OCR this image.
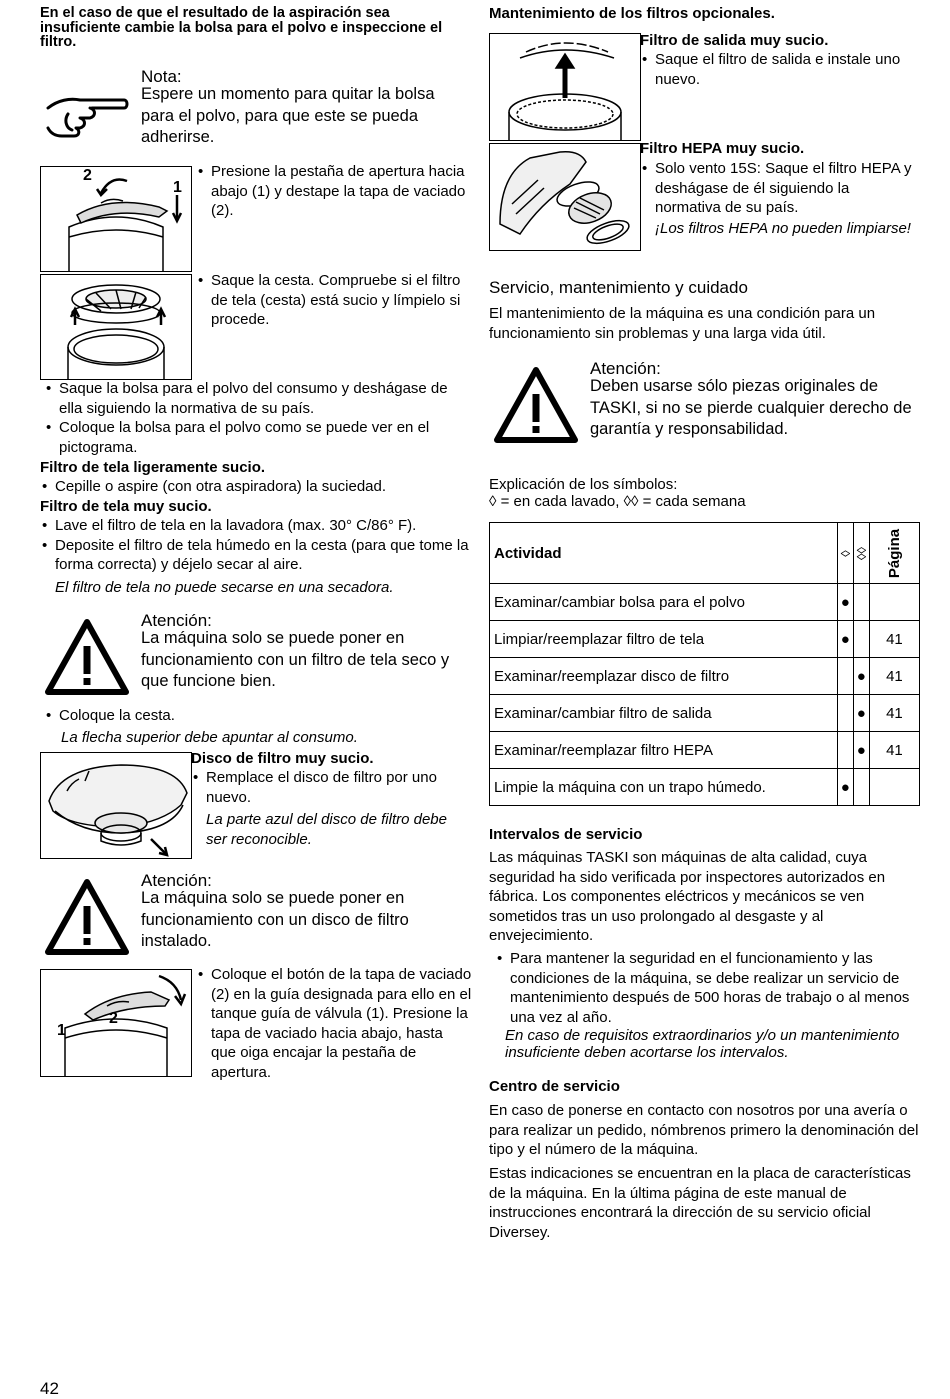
En el caso de que el resultado de la aspiración sea insuficiente cambie la bolsa para el polvo e inspeccione el filtro.
Nota:
Espere un momento para quitar la bolsa para el polvo, para que este se pueda adherirse.
2
1
• Presione la pestaña de apertura hacia abajo (1) y destape la tapa de vaciado (2).
• Saque la cesta. Compruebe si el filtro de tela (cesta) está sucio y límpielo si procede.
• Saque la bolsa para el polvo del consumo y deshágase de ella siguiendo la normativa de su país.
• Coloque la bolsa para el polvo como se puede ver en el pictograma.
Filtro de tela ligeramente sucio.
• Cepille o aspire (con otra aspiradora) la suciedad.
Filtro de tela muy sucio.
• Lave el filtro de tela en la lavadora (max. 30° C/86° F).
• Deposite el filtro de tela húmedo en la cesta (para que tome la forma correcta) y déjelo secar al aire.
El filtro de tela no puede secarse en una secadora.
Atención:
La máquina solo se puede poner en funcionamiento con un filtro de tela seco y que funcione bien.
• Coloque la cesta.
La flecha superior debe apuntar al consumo.
Disco de filtro muy sucio.
• Remplace el disco de filtro por uno nuevo.
La parte azul del disco de filtro debe ser reconocible.
Atención:
La máquina solo se puede poner en funcionamiento con un disco de filtro instalado.
1
2
• Coloque el botón de la tapa de vaciado (2) en la guía designada para ello en el tanque guía de válvula (1). Presione la tapa de vaciado hacia abajo, hasta que oiga encajar la pestaña de apertura.
Mantenimiento de los filtros opcionales.
Filtro de salida muy sucio.
• Saque el filtro de salida e instale uno nuevo.
Filtro HEPA muy sucio.
• Solo vento 15S: Saque el filtro HEPA y deshágase de él siguiendo la normativa de su país.
¡Los filtros HEPA no pueden limpiarse!
Servicio, mantenimiento y cuidado
El mantenimiento de la máquina es una condición para un funcionamiento sin problemas y una larga vida útil.
Atención:
Deben usarse sólo piezas originales de TASKI, si no se pierde cualquier derecho de garantía y responsabilidad.
Explicación de los símbolos:
◊ = en cada lavado, ◊◊ = cada semana
Actividad	◊	◊◊	Página

Examinar/cambiar bolsa para el polvo	●		
Limpiar/reemplazar filtro de tela	●		41
Examinar/reemplazar disco de filtro		●	41
Examinar/cambiar filtro de salida		●	41
Examinar/reemplazar filtro HEPA		●	41
Limpie la máquina con un trapo húmedo.	●		
Intervalos de servicio
Las máquinas TASKI son máquinas de alta calidad, cuya seguridad ha sido verificada por inspectores autorizados en fábrica. Los componentes eléctricos y mecánicos se ven sometidos tras un uso prolongado al desgaste y al envejecimiento.
• Para mantener la seguridad en el funcionamiento y las condiciones de la máquina, se debe realizar un servicio de mantenimiento después de 500 horas de trabajo o al menos una vez al año.
En caso de requisitos extraordinarios y/o un mantenimiento insuficiente deben acortarse los intervalos.
Centro de servicio
En caso de ponerse en contacto con nosotros por una avería o para realizar un pedido, nómbrenos primero la denominación del tipo y el número de la máquina.
Estas indicaciones se encuentran en la placa de características de la máquina. En la última página de este manual de instrucciones encontrará la dirección de su servicio oficial Diversey.
42
